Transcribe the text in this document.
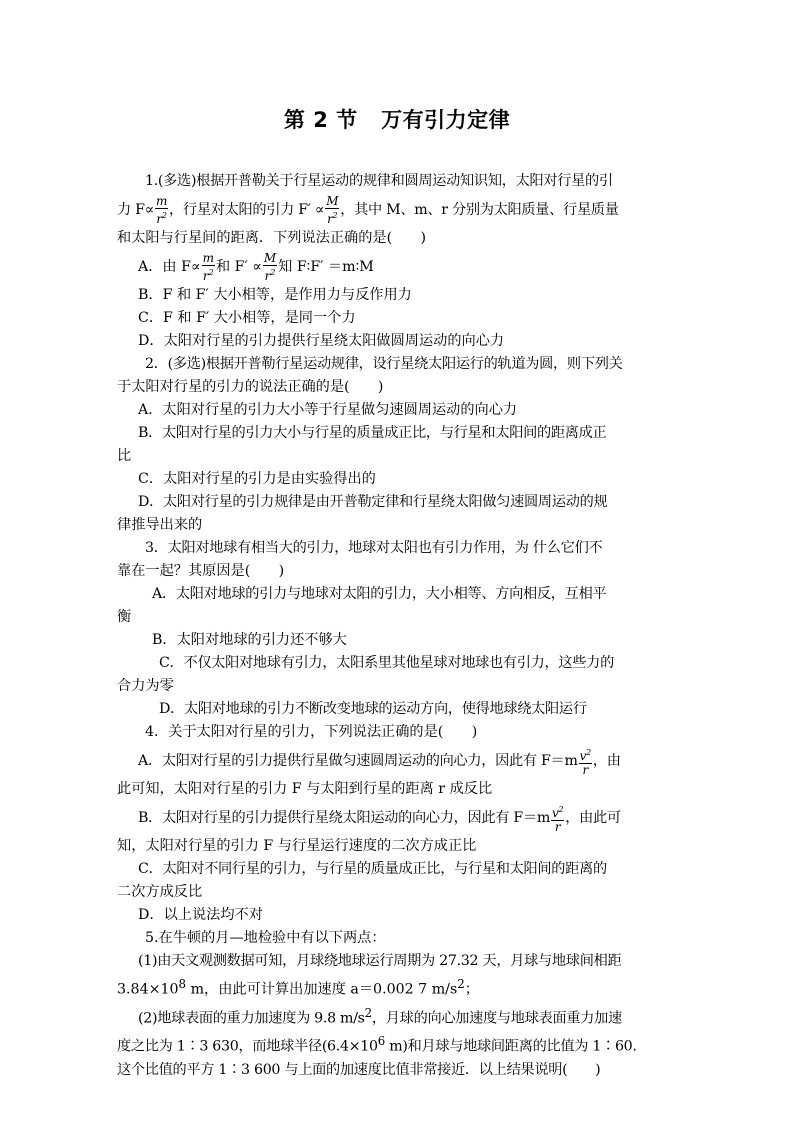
第 2 节 万有引力定律

1.(多选)根据开普勒关于行星运动的规律和圆周运动知识知，太阳对行星的引

力 $F\propto \frac{m}{r^2}$ ，行星对太阳的引力 $F' \propto \frac{M}{r^2}$ ，其中 M、m、r 分别为太阳质量、行星质量

和太阳与行星间的距离．下列说法正确的是(　　)

A．由 $F\propto \frac{m}{r^2}$ 和 $F' \propto \frac{M}{r^2}$ 知 F∶F′ ＝m∶M

B．F 和 F′ 大小相等，是作用力与反作用力

C．F 和 F′ 大小相等，是同一个力

D．太阳对行星的引力提供行星绕太阳做圆周运动的向心力

2．(多选)根据开普勒行星运动规律，设行星绕太阳运行的轨道为圆，则下列关

于太阳对行星的引力的说法正确的是(　　)

A．太阳对行星的引力大小等于行星做匀速圆周运动的向心力

B．太阳对行星的引力大小与行星的质量成正比，与行星和太阳间的距离成正

比

C．太阳对行星的引力是由实验得出的

D．太阳对行星的引力规律是由开普勒定律和行星绕太阳做匀速圆周运动的规

律推导出来的

3．太阳对地球有相当大的引力，地球对太阳也有引力作用，为 什么它们不

靠在一起？其原因是(　　)

A．太阳对地球的引力与地球对太阳的引力，大小相等、方向相反，互相平

衡

B．太阳对地球的引力还不够大

C．不仅太阳对地球有引力，太阳系里其他星球对地球也有引力，这些力的

合力为零

D．太阳对地球的引力不断改变地球的运动方向，使得地球绕太阳运行

4．关于太阳对行星的引力，下列说法正确的是(　　)

A．太阳对行星的引力提供行星做匀速圆周运动的向心力，因此有 $F=m \frac{v^2}{r}$ ，由

此可知，太阳对行星的引力 F 与太阳到行星的距离 r 成反比

B．太阳对行星的引力提供行星绕太阳运动的向心力，因此有 $F=m \frac{v^2}{r}$ ，由此可

知，太阳对行星的引力 F 与行星运行速度的二次方成正比

C．太阳对不同行星的引力，与行星的质量成正比，与行星和太阳间的距离的

二次方成反比

D．以上说法均不对

5.在牛顿的月—地检验中有以下两点：

(1)由天文观测数据可知，月球绕地球运行周期为 27.32 天，月球与地球间相距

$3.84\times 10^8$ m，由此可计算出加速度 a＝0.002 7 $m/s^2$；

(2)地球表面的重力加速度为 9.8 $m/s^2$，月球的向心加速度与地球表面重力加速

度之比为 1∶3 630，而地球半径($6.4\times 10^6$ m)和月球与地球间距离的比值为 1∶60.

这个比值的平方 1∶3 600 与上面的加速度比值非常接近．以上结果说明(　　)
